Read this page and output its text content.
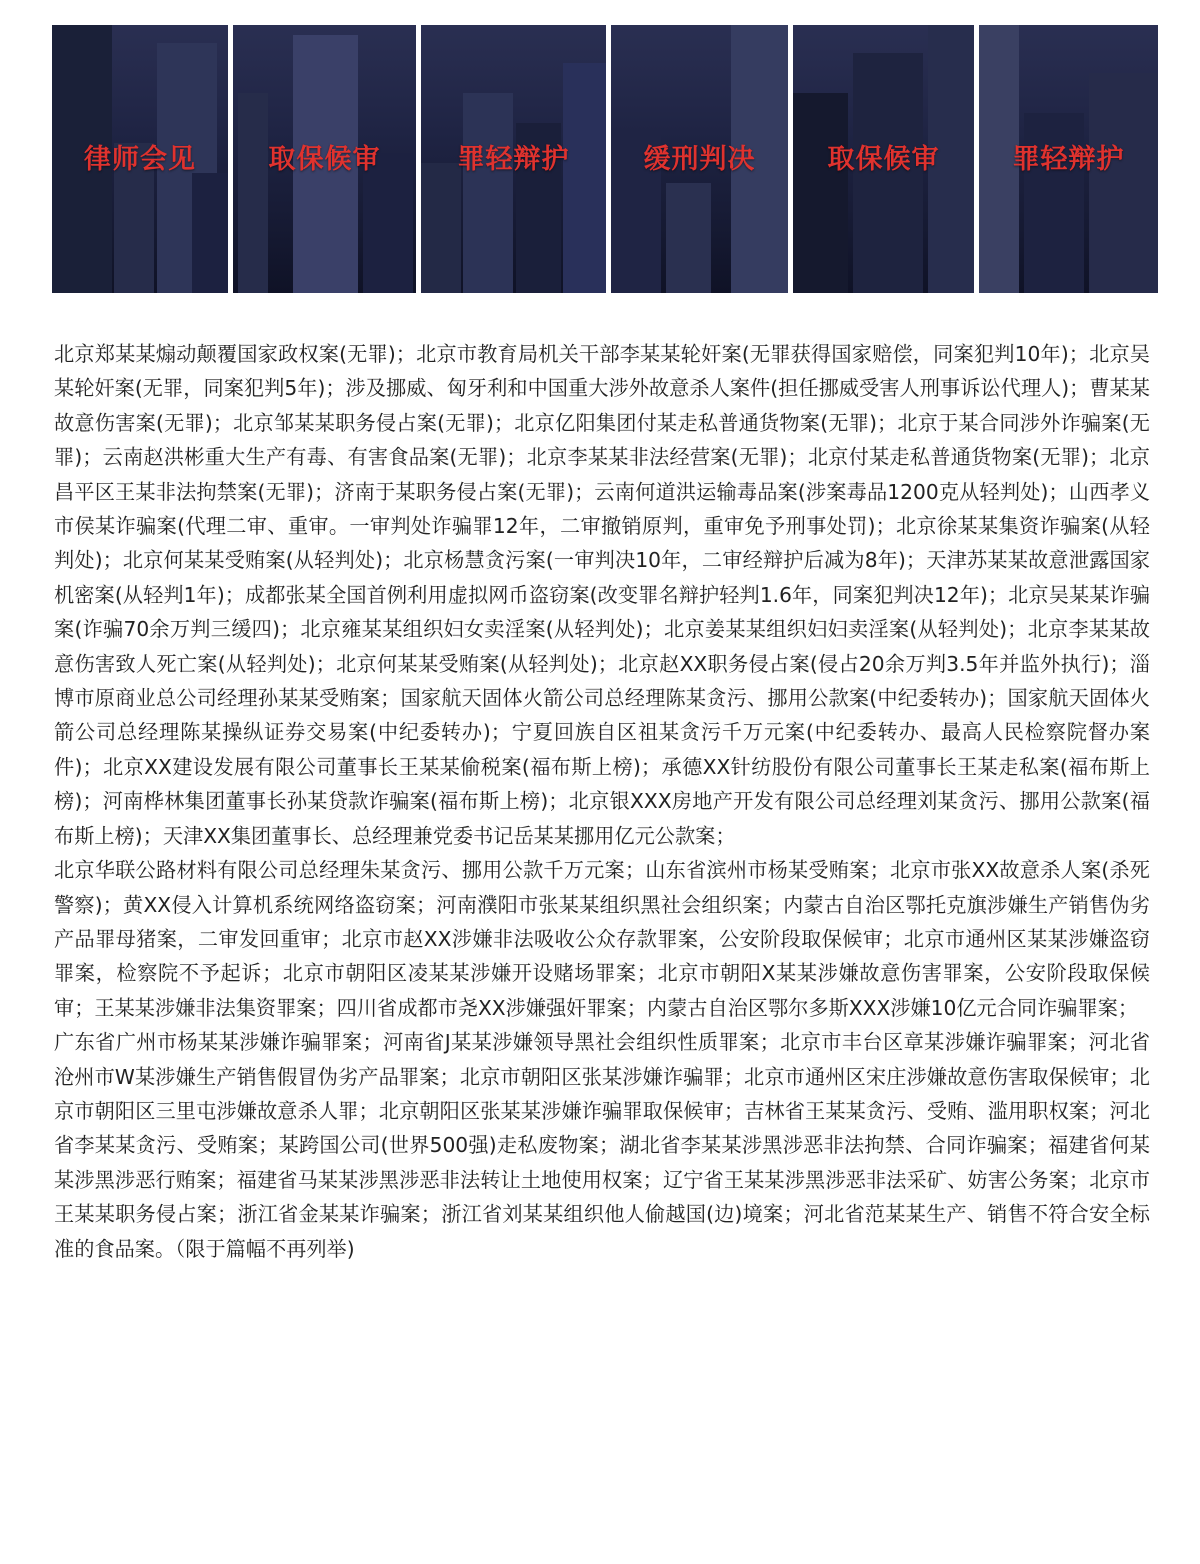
律师会见	取保候审	罪轻辩护	缓刑判决	取保候审	罪轻辩护

北京郑某某煽动颠覆国家政权案(无罪)；北京市教育局机关干部李某某轮奸案(无罪获得国家赔偿，同案犯判10年)；北京吴某轮奸案(无罪，同案犯判5年)；涉及挪威、匈牙利和中国重大涉外故意杀人案件(担任挪威受害人刑事诉讼代理人)；曹某某故意伤害案(无罪)；北京邹某某职务侵占案(无罪)；北京亿阳集团付某走私普通货物案(无罪)；北京于某合同涉外诈骗案(无罪)；云南赵洪彬重大生产有毒、有害食品案(无罪)；北京李某某非法经营案(无罪)；北京付某走私普通货物案(无罪)；北京昌平区王某非法拘禁案(无罪)；济南于某职务侵占案(无罪)；云南何道洪运输毒品案(涉案毒品1200克从轻判处)；山西孝义市侯某诈骗案(代理二审、重审。一审判处诈骗罪12年，二审撤销原判，重审免予刑事处罚)；北京徐某某集资诈骗案(从轻判处)；北京何某某受贿案(从轻判处)；北京杨慧贪污案(一审判决10年，二审经辩护后减为8年)；天津苏某某故意泄露国家机密案(从轻判1年)；成都张某全国首例利用虚拟网币盗窃案(改变罪名辩护轻判1.6年，同案犯判决12年)；北京吴某某诈骗案(诈骗70余万判三缓四)；北京雍某某组织妇女卖淫案(从轻判处)；北京姜某某组织妇妇卖淫案(从轻判处)；北京李某某故意伤害致人死亡案(从轻判处)；北京何某某受贿案(从轻判处)；北京赵XX职务侵占案(侵占20余万判3.5年并监外执行)；淄博市原商业总公司经理孙某某受贿案；国家航天固体火箭公司总经理陈某贪污、挪用公款案(中纪委转办)；国家航天固体火箭公司总经理陈某操纵证券交易案(中纪委转办)；宁夏回族自区祖某贪污千万元案(中纪委转办、最高人民检察院督办案件)；北京XX建设发展有限公司董事长王某某偷税案(福布斯上榜)；承德XX针纺股份有限公司董事长王某走私案(福布斯上榜)；河南桦林集团董事长孙某贷款诈骗案(福布斯上榜)；北京银XXX房地产开发有限公司总经理刘某贪污、挪用公款案(福布斯上榜)；天津XX集团董事长、总经理兼党委书记岳某某挪用亿元公款案；

北京华联公路材料有限公司总经理朱某贪污、挪用公款千万元案；山东省滨州市杨某受贿案；北京市张XX故意杀人案(杀死警察)；黄XX侵入计算机系统网络盗窃案；河南濮阳市张某某组织黑社会组织案；内蒙古自治区鄂托克旗涉嫌生产销售伪劣产品罪母猪案，二审发回重审；北京市赵XX涉嫌非法吸收公众存款罪案，公安阶段取保候审；北京市通州区某某涉嫌盗窃罪案，检察院不予起诉；北京市朝阳区凌某某涉嫌开设赌场罪案；北京市朝阳X某某涉嫌故意伤害罪案，公安阶段取保候审；王某某涉嫌非法集资罪案；四川省成都市尧XX涉嫌强奸罪案；内蒙古自治区鄂尔多斯XXX涉嫌10亿元合同诈骗罪案；

广东省广州市杨某某涉嫌诈骗罪案；河南省J某某涉嫌领导黑社会组织性质罪案；北京市丰台区章某涉嫌诈骗罪案；河北省沧州市W某涉嫌生产销售假冒伪劣产品罪案；北京市朝阳区张某涉嫌诈骗罪；北京市通州区宋庄涉嫌故意伤害取保候审；北京市朝阳区三里屯涉嫌故意杀人罪；北京朝阳区张某某涉嫌诈骗罪取保候审；吉林省王某某贪污、受贿、滥用职权案；河北省李某某贪污、受贿案；某跨国公司(世界500强)走私废物案；湖北省李某某涉黑涉恶非法拘禁、合同诈骗案；福建省何某某涉黑涉恶行贿案；福建省马某某涉黑涉恶非法转让土地使用权案；辽宁省王某某涉黑涉恶非法采矿、妨害公务案；北京市王某某职务侵占案；浙江省金某某诈骗案；浙江省刘某某组织他人偷越国(边)境案；河北省范某某生产、销售不符合安全标准的食品案。（限于篇幅不再列举)
